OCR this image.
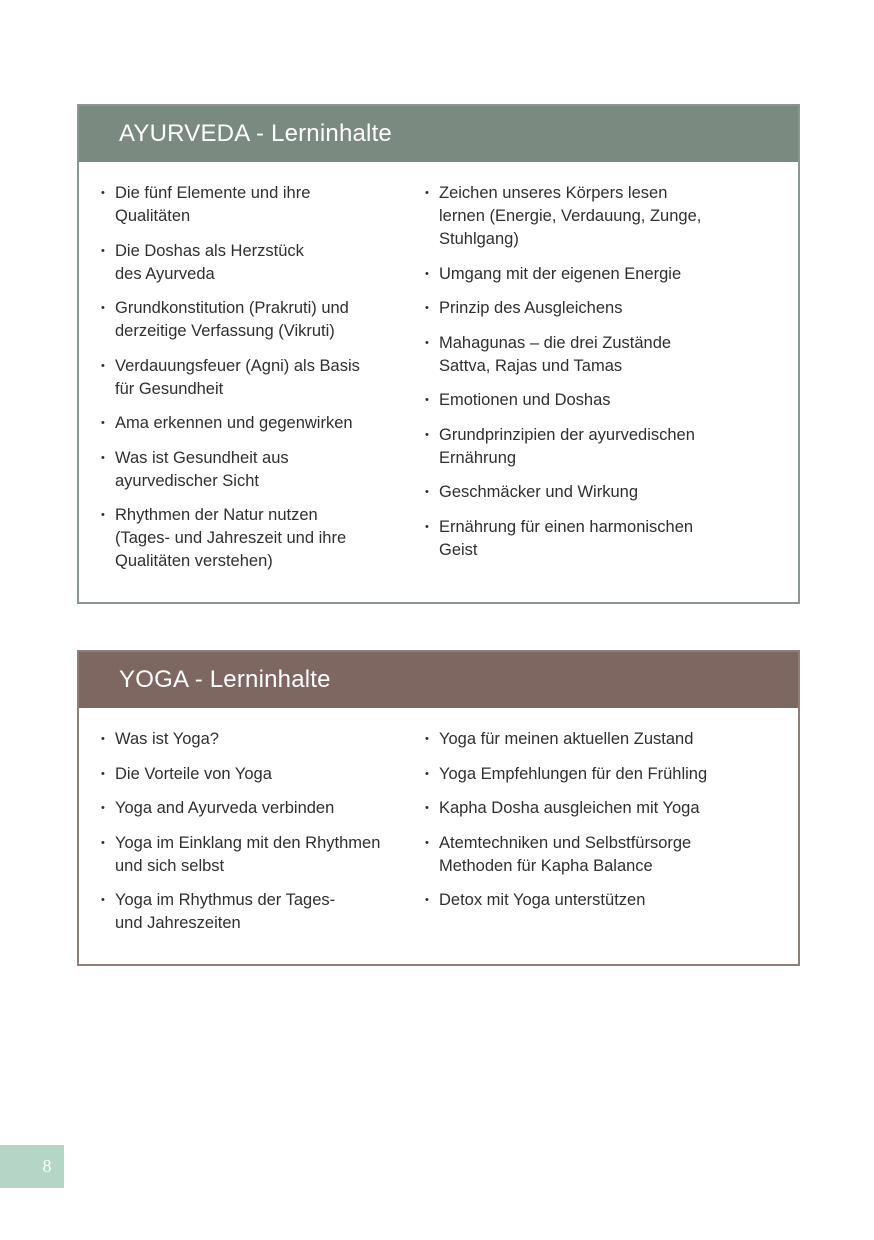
AYURVEDA - Lerninhalte
• Die fünf Elemente und ihre
Qualitäten
• Die Doshas als Herzstück
des Ayurveda
• Grundkonstitution (Prakruti) und
derzeitige Verfassung (Vikruti)
• Verdauungsfeuer (Agni) als Basis
für Gesundheit
• Ama erkennen und gegenwirken
• Was ist Gesundheit aus
ayurvedischer Sicht
• Rhythmen der Natur nutzen
(Tages- und Jahreszeit und ihre
Qualitäten verstehen)
• Zeichen unseres Körpers lesen
lernen (Energie, Verdauung, Zunge,
Stuhlgang)
• Umgang mit der eigenen Energie
• Prinzip des Ausgleichens
• Mahagunas – die drei Zustände
Sattva, Rajas und Tamas
• Emotionen und Doshas
• Grundprinzipien der ayurvedischen
Ernährung
• Geschmäcker und Wirkung
• Ernährung für einen harmonischen
Geist
YOGA - Lerninhalte
• Was ist Yoga?
• Die Vorteile von Yoga
• Yoga and Ayurveda verbinden
• Yoga im Einklang mit den Rhythmen
und sich selbst
• Yoga im Rhythmus der Tages-
und Jahreszeiten
• Yoga für meinen aktuellen Zustand
• Yoga Empfehlungen für den Frühling
• Kapha Dosha ausgleichen mit Yoga
• Atemtechniken und Selbstfürsorge
Methoden für Kapha Balance
• Detox mit Yoga unterstützen
8
